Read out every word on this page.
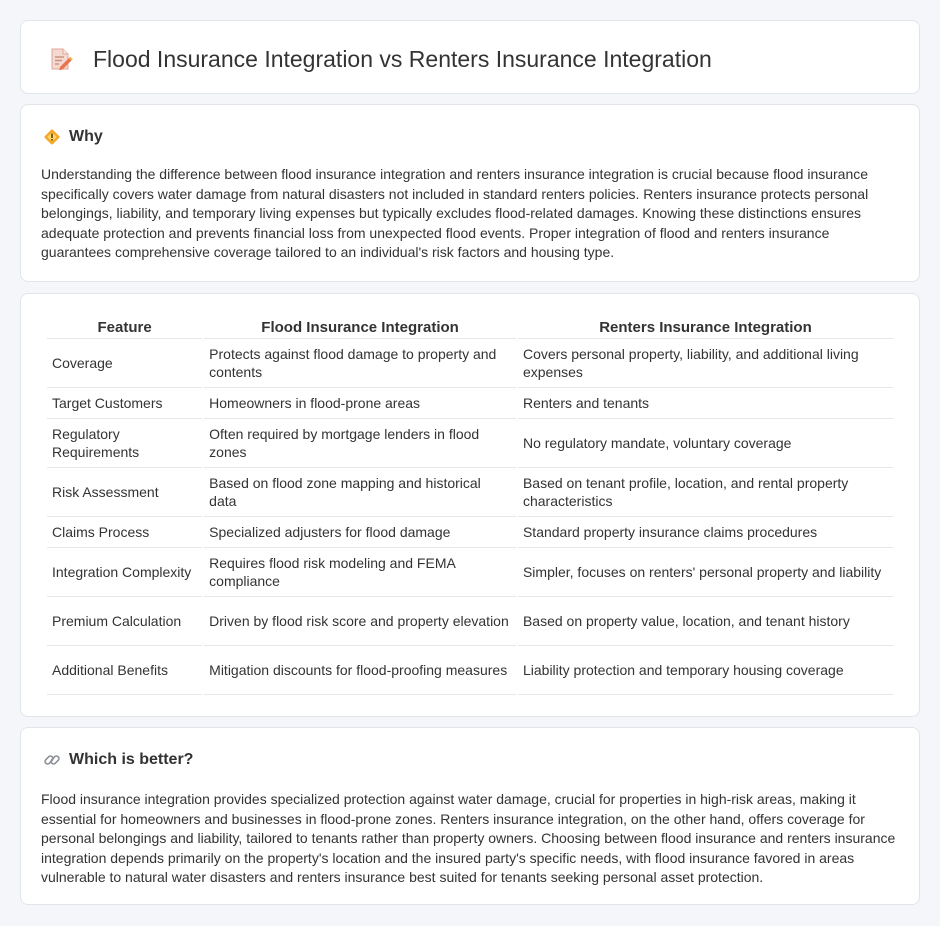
Flood Insurance Integration vs Renters Insurance Integration
Why

Understanding the difference between flood insurance integration and renters insurance integration is crucial because flood insurance specifically covers water damage from natural disasters not included in standard renters policies. Renters insurance protects personal belongings, liability, and temporary living expenses but typically excludes flood-related damages. Knowing these distinctions ensures adequate protection and prevents financial loss from unexpected flood events. Proper integration of flood and renters insurance guarantees comprehensive coverage tailored to an individual's risk factors and housing type.

Feature	Flood Insurance Integration	Renters Insurance Integration
Coverage	Protects against flood damage to property and contents	Covers personal property, liability, and additional living expenses
Target Customers	Homeowners in flood-prone areas	Renters and tenants
Regulatory Requirements	Often required by mortgage lenders in flood zones	No regulatory mandate, voluntary coverage
Risk Assessment	Based on flood zone mapping and historical data	Based on tenant profile, location, and rental property characteristics
Claims Process	Specialized adjusters for flood damage	Standard property insurance claims procedures
Integration Complexity	Requires flood risk modeling and FEMA compliance	Simpler, focuses on renters' personal property and liability
Premium Calculation	Driven by flood risk score and property elevation	Based on property value, location, and tenant history
Additional Benefits	Mitigation discounts for flood-proofing measures	Liability protection and temporary housing coverage
Which is better?

Flood insurance integration provides specialized protection against water damage, crucial for properties in high-risk areas, making it essential for homeowners and businesses in flood-prone zones. Renters insurance integration, on the other hand, offers coverage for personal belongings and liability, tailored to tenants rather than property owners. Choosing between flood insurance and renters insurance integration depends primarily on the property's location and the insured party's specific needs, with flood insurance favored in areas vulnerable to natural water disasters and renters insurance best suited for tenants seeking personal asset protection.
